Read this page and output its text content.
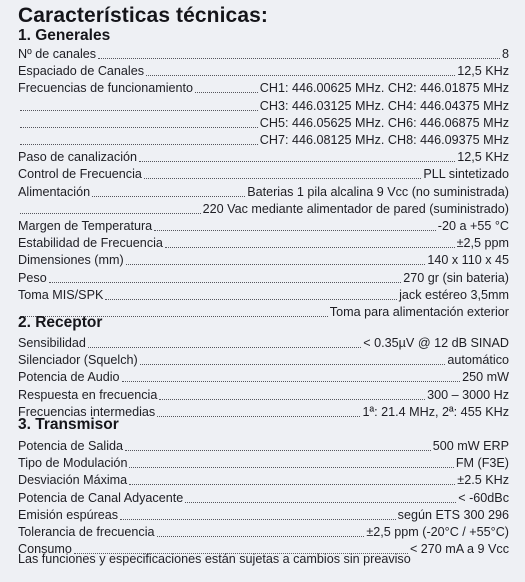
Características técnicas:
1. Generales
Nº de canales	8
Espaciado de Canales	12,5 KHz
Frecuencias de funcionamiento	CH1: 446.00625 MHz. CH2: 446.01875 MHz
CH3: 446.03125 MHz. CH4: 446.04375 MHz
CH5: 446.05625 MHz. CH6: 446.06875 MHz
CH7: 446.08125 MHz. CH8: 446.09375 MHz
Paso de canalización	12,5 KHz
Control de Frecuencia	PLL sintetizado
Alimentación	Baterias 1 pila alcalina 9 Vcc (no suministrada)
220 Vac mediante alimentador de pared (suministrado)
Margen de Temperatura	-20 a +55 °C
Estabilidad de Frecuencia	±2,5 ppm
Dimensiones (mm)	140 x 110 x 45
Peso	270 gr (sin bateria)
Toma MIS/SPK	jack estéreo 3,5mm
Toma para alimentación exterior
2. Receptor
Sensibilidad	< 0.35µV @ 12 dB SINAD
Silenciador (Squelch)	automático
Potencia de Audio	250 mW
Respuesta en frecuencia	300 – 3000 Hz
Frecuencias intermedias	1ª: 21.4 MHz, 2ª: 455 KHz
3. Transmisor
Potencia de Salida	500 mW ERP
Tipo de Modulación	FM (F3E)
Desviación Máxima	±2.5 KHz
Potencia de Canal Adyacente	< -60dBc
Emisión espúreas	según ETS 300 296
Tolerancia de frecuencia	±2,5 ppm (-20°C / +55°C)
Consumo	< 270 mA a 9 Vcc
Las funciones y especificaciones están sujetas a cambios sin preaviso
